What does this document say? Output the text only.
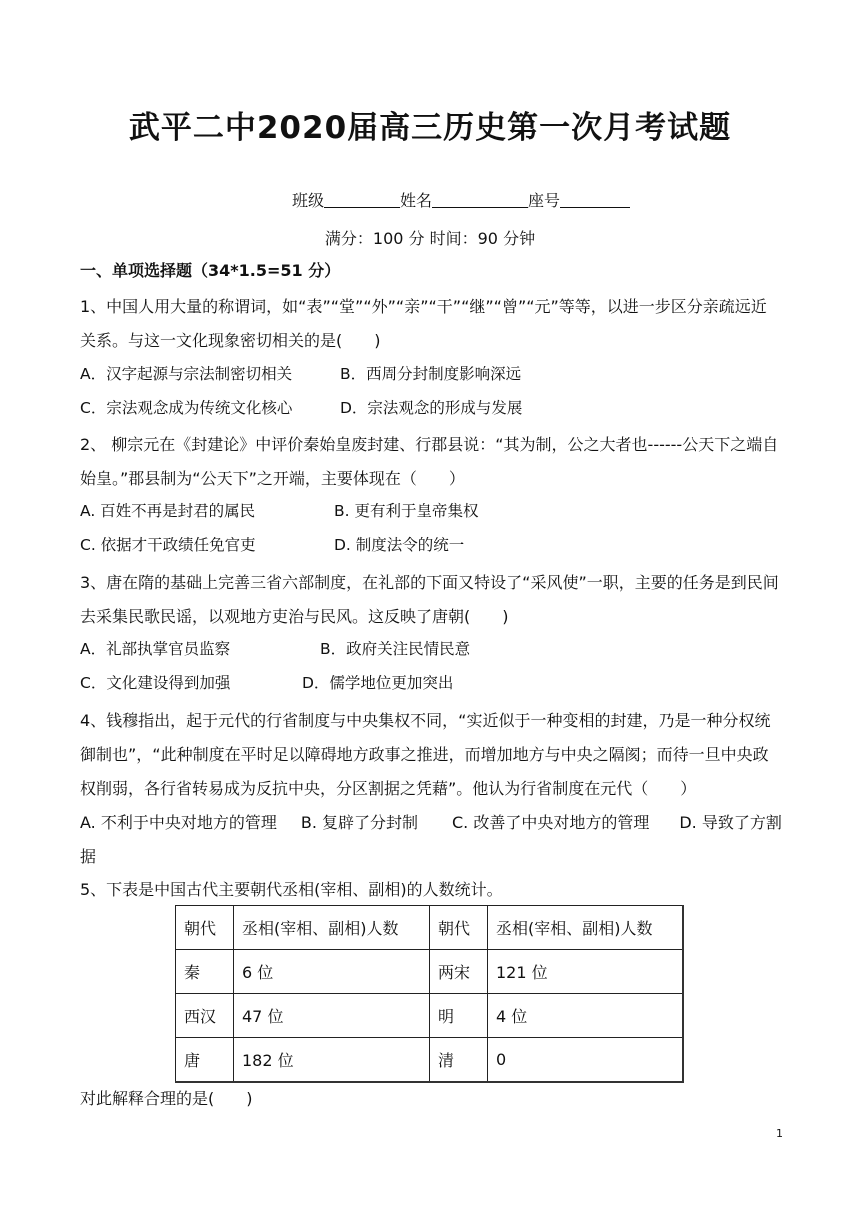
武平二中2020届高三历史第一次月考试题
班级	姓名	座号
满分：100 分 时间：90 分钟
一、单项选择题（34*1.5=51 分）
1、中国人用大量的称谓词，如“表”“堂”“外”“亲”“干”“继”“曾”“元”等等，以进一步区分亲疏远近关系。与这一文化现象密切相关的是(　　)
A．汉字起源与宗法制密切相关	B．西周分封制度影响深远
C．宗法观念成为传统文化核心	D．宗法观念的形成与发展
2、 柳宗元在《封建论》中评价秦始皇废封建、行郡县说：“其为制，公之大者也------公天下之端自始皇。”郡县制为“公天下”之开端，主要体现在（　　）
A. 百姓不再是封君的属民	B. 更有利于皇帝集权
C. 依据才干政绩任免官吏	D. 制度法令的统一
3、唐在隋的基础上完善三省六部制度，在礼部的下面又特设了“采风使”一职，主要的任务是到民间去采集民歌民谣，以观地方吏治与民风。这反映了唐朝(　　)
A．礼部执掌官员监察	B．政府关注民情民意
C．文化建设得到加强	D．儒学地位更加突出
4、钱穆指出，起于元代的行省制度与中央集权不同，“实近似于一种变相的封建，乃是一种分权统御制也”，“此种制度在平时足以障碍地方政事之推进，而增加地方与中央之隔阂；而待一旦中央政权削弱，各行省转易成为反抗中央，分区割据之凭藉”。他认为行省制度在元代（　　）
A. 不利于中央对地方的管理 B. 复辟了分封制 C. 改善了中央对地方的管理 D. 导致了方割据
5、下表是中国古代主要朝代丞相(宰相、副相)的人数统计。
朝代	丞相(宰相、副相)人数	朝代	丞相(宰相、副相)人数
秦	6 位	两宋	121 位
西汉	47 位	明	4 位
唐	182 位	清	0
对此解释合理的是(　　)
1
